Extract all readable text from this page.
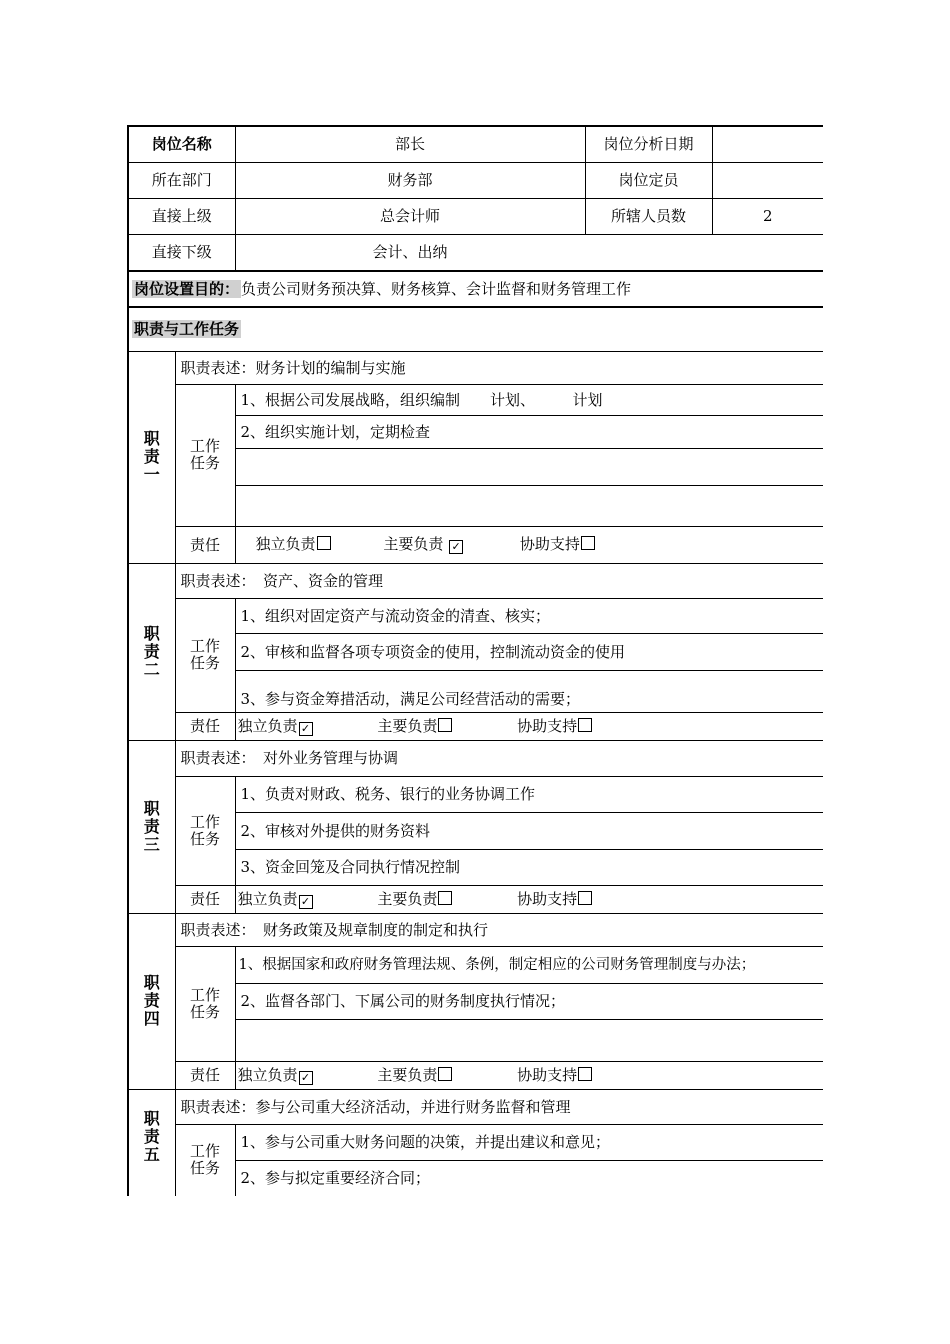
岗位名称		部长	岗位分析日期	
所在部门		财务部	岗位定员	
直接上级		总会计师	所辖人员数	2
直接下级		会计、出纳		
岗位设置目的： 负责公司财务预决算、财务核算、会计监督和财务管理工作				
职责与工作任务				

职责一	职责表述：财务计划的编制与实施			

	工作任务	1、根据公司发展战略，组织编制　　计划、　　　计划		
		2、组织实施计划，定期检查		

	责任	独立负责 主要负责 ✓ 协助支持		

职责二	职责表述：　资产、资金的管理			

	工作任务	1、组织对固定资产与流动资金的清查、核实；		
		2、审核和监督各项专项资金的使用，控制流动资金的使用		
		3、参与资金筹措活动，满足公司经营活动的需要；		
	责任	独立负责 ✓ 主要负责 协助支持		

职责三	职责表述：　对外业务管理与协调			

	工作任务	1、负责对财政、税务、银行的业务协调工作		
		2、审核对外提供的财务资料		
		3、资金回笼及合同执行情况控制		
	责任	独立负责 ✓ 主要负责 协助支持		

职责四	职责表述：　财务政策及规章制度的制定和执行			

	工作任务	1、根据国家和政府财务管理法规、条例，制定相应的公司财务管理制度与办法；		
		2、监督各部门、下属公司的财务制度执行情况；		

	责任	独立负责 ✓ 主要负责 协助支持		

职责五	职责表述：参与公司重大经济活动，并进行财务监督和管理			

	工作任务	1、参与公司重大财务问题的决策，并提出建议和意见；		
		2、参与拟定重要经济合同；		
